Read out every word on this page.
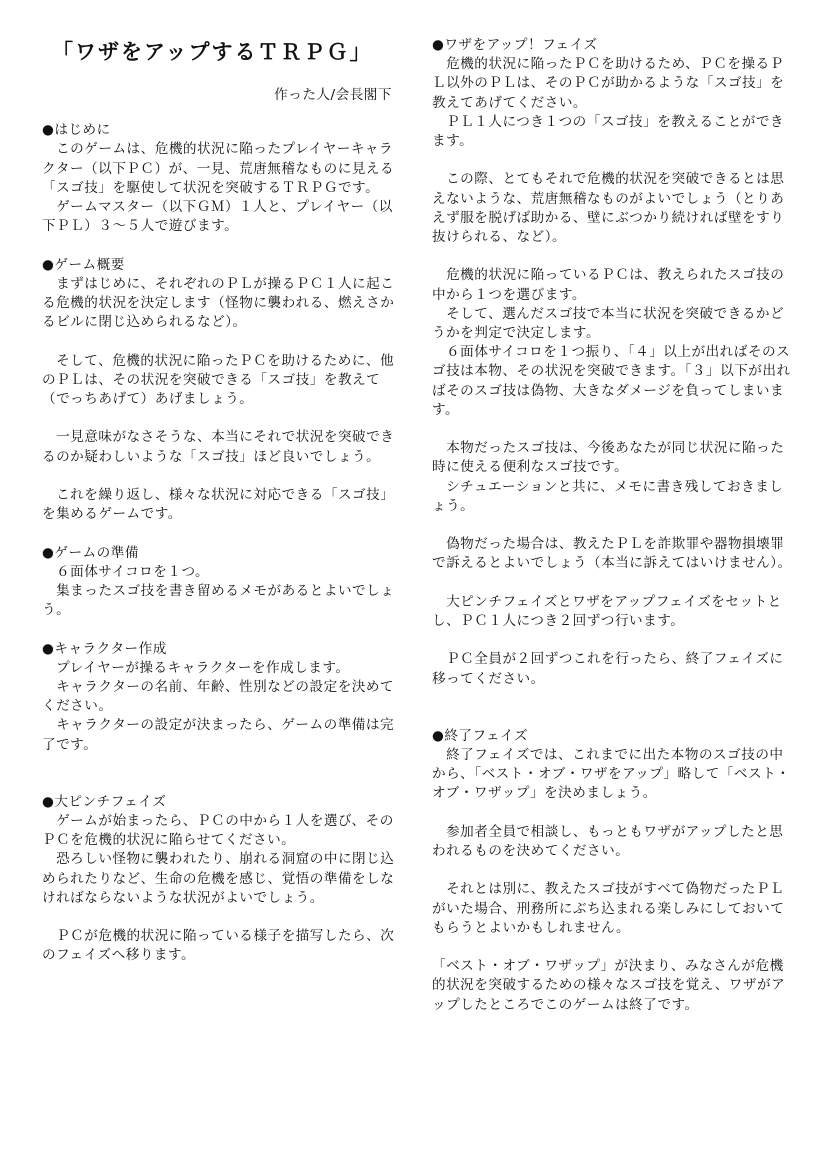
「ワザをアップするＴＲＰＧ」
作った人/会長閣下
●はじめに

　このゲームは、危機的状況に陥ったプレイヤーキャラクター（以下ＰＣ）が、一見、荒唐無稽なものに見える「スゴ技」を駆使して状況を突破するＴＲＰＧです。

　ゲームマスター（以下ＧＭ）１人と、プレイヤー（以下ＰＬ）３～５人で遊びます。

●ゲーム概要

　まずはじめに、それぞれのＰＬが操るＰＣ１人に起こる危機的状況を決定します（怪物に襲われる、燃えさかるビルに閉じ込められるなど）。

　そして、危機的状況に陥ったＰＣを助けるために、他のＰＬは、その状況を突破できる「スゴ技」を教えて（でっちあげて）あげましょう。

　一見意味がなさそうな、本当にそれで状況を突破できるのか疑わしいような「スゴ技」ほど良いでしょう。

　これを繰り返し、様々な状況に対応できる「スゴ技」を集めるゲームです。

●ゲームの準備

　６面体サイコロを１つ。

　集まったスゴ技を書き留めるメモがあるとよいでしょう。

●キャラクター作成

　プレイヤーが操るキャラクターを作成します。

　キャラクターの名前、年齢、性別などの設定を決めてください。

　キャラクターの設定が決まったら、ゲームの準備は完了です。

●大ピンチフェイズ

　ゲームが始まったら、ＰＣの中から１人を選び、そのＰＣを危機的状況に陥らせてください。

　恐ろしい怪物に襲われたり、崩れる洞窟の中に閉じ込められたりなど、生命の危機を感じ、覚悟の準備をしなければならないような状況がよいでしょう。

　ＰＣが危機的状況に陥っている様子を描写したら、次のフェイズへ移ります。

●ワザをアップ！フェイズ

　危機的状況に陥ったＰＣを助けるため、ＰＣを操るＰＬ以外のＰＬは、そのＰＣが助かるような「スゴ技」を教えてあげてください。

　ＰＬ１人につき１つの「スゴ技」を教えることができます。

　この際、とてもそれで危機的状況を突破できるとは思えないような、荒唐無稽なものがよいでしょう（とりあえず服を脱げば助かる、壁にぶつかり続ければ壁をすり抜けられる、など）。

　危機的状況に陥っているＰＣは、教えられたスゴ技の中から１つを選びます。

　そして、選んだスゴ技で本当に状況を突破できるかどうかを判定で決定します。

　６面体サイコロを１つ振り、「４」以上が出ればそのスゴ技は本物、その状況を突破できます。「３」以下が出ればそのスゴ技は偽物、大きなダメージを負ってしまいます。

　本物だったスゴ技は、今後あなたが同じ状況に陥った時に使える便利なスゴ技です。

　シチュエーションと共に、メモに書き残しておきましょう。

　偽物だった場合は、教えたＰＬを詐欺罪や器物損壊罪で訴えるとよいでしょう（本当に訴えてはいけません）。

　大ピンチフェイズとワザをアップフェイズをセットとし、ＰＣ１人につき２回ずつ行います。

　ＰＣ全員が２回ずつこれを行ったら、終了フェイズに移ってください。

●終了フェイズ

　終了フェイズでは、これまでに出た本物のスゴ技の中から、「ベスト・オブ・ワザをアップ」略して「ベスト・オブ・ワザップ」を決めましょう。

　参加者全員で相談し、もっともワザがアップしたと思われるものを決めてください。

　それとは別に、教えたスゴ技がすべて偽物だったＰＬがいた場合、刑務所にぶち込まれる楽しみにしておいてもらうとよいかもしれません。

「ベスト・オブ・ワザップ」が決まり、みなさんが危機的状況を突破するための様々なスゴ技を覚え、ワザがアップしたところでこのゲームは終了です。
